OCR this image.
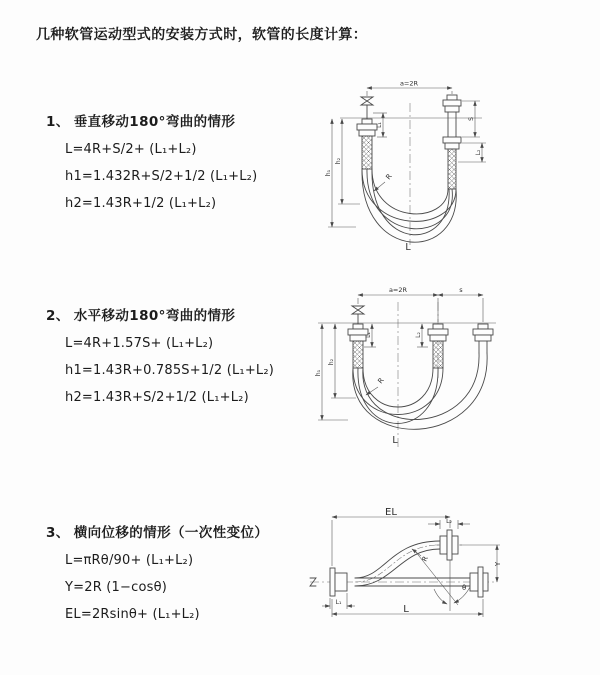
几种软管运动型式的安装方式时，软管的长度计算：
1、 垂直移动180°弯曲的情形
L=4R+S/2+ (L₁+L₂)
h1=1.432R+S/2+1/2 (L₁+L₂)
h2=1.43R+1/2 (L₁+L₂)
2、 水平移动180°弯曲的情形
L=4R+1.57S+ (L₁+L₂)
h1=1.43R+0.785S+1/2 (L₁+L₂)
h2=1.43R+S/2+1/2 (L₁+L₂)
3、 横向位移的情形（一次性变位）
L=πRθ/90+ (L₁+L₂)
Y=2R (1−cosθ)
EL=2Rsinθ+ (L₁+L₂)
a=2R
h₁
h₂
L₁
S
L₂
R
L
a=2R	s
L₁	L₂
h₁
h₂
R
L
EL
L₂
Y
L
L₁
R
θ
